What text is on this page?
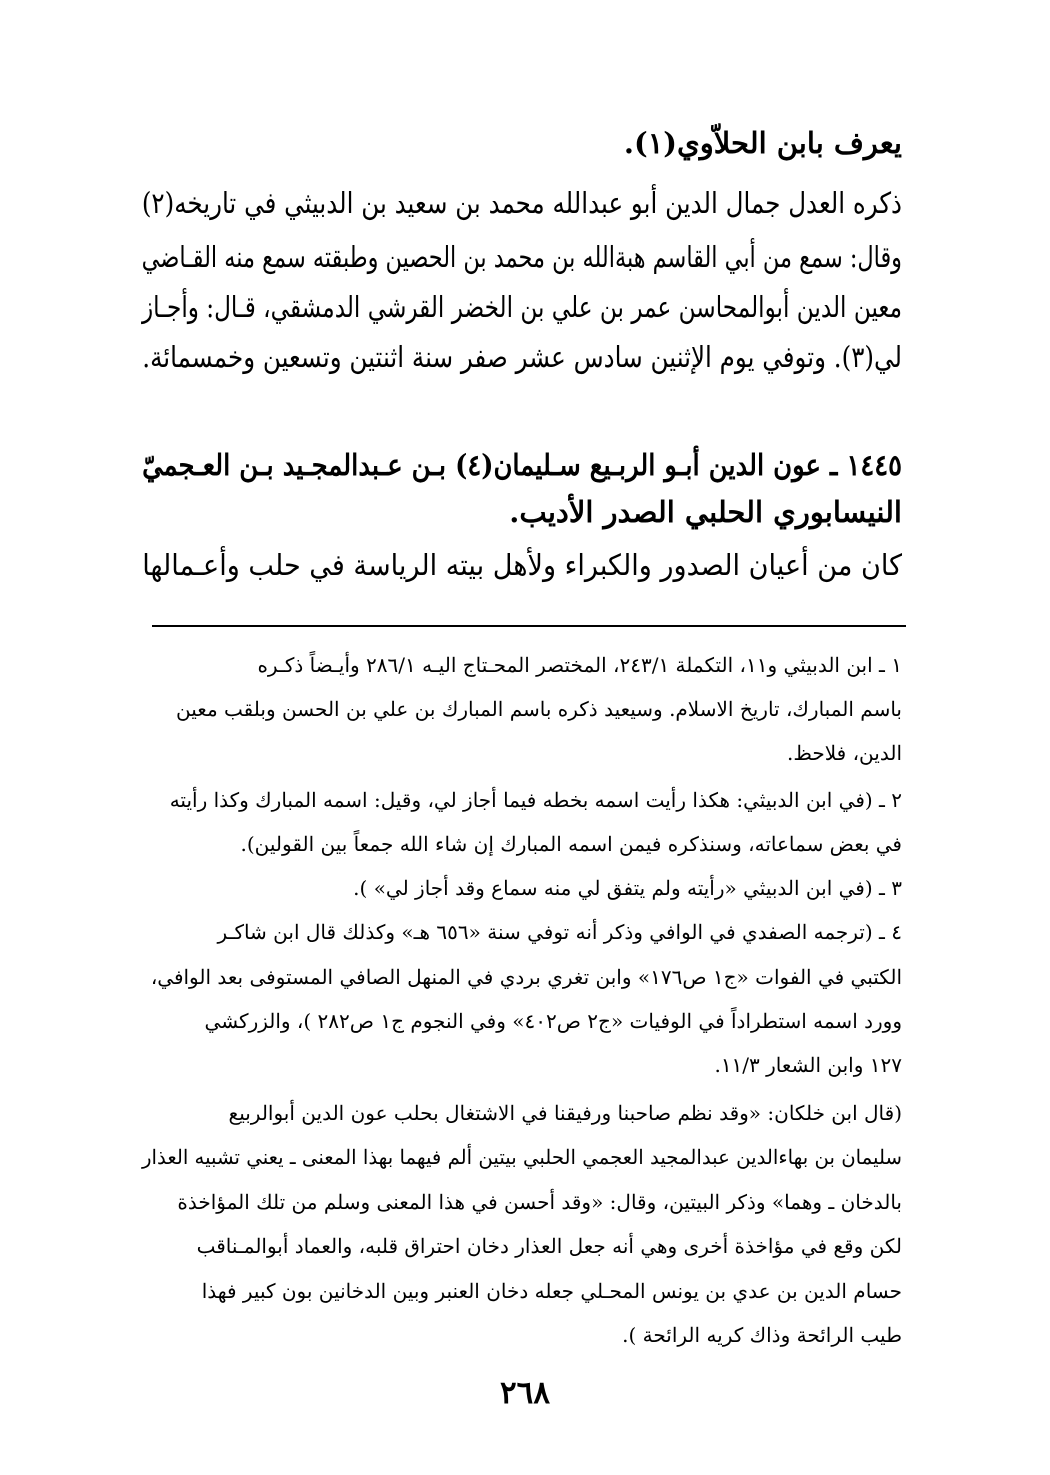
يعرف بابن الحلاّوي(١).
ذكره العدل جمال الدين أبو عبدالله محمد بن سعيد بن الدبيثي في تاريخه(٢)
وقال: سمع من أبي القاسم هبةالله بن محمد بن الحصين وطبقته سمع منه القـاضي
معين الدين أبوالمحاسن عمر بن علي بن الخضر القرشي الدمشقي، قـال: وأجـاز
لي(٣). وتوفي يوم الإثنين سادس عشر صفر سنة اثنتين وتسعين وخمسمائة.
١٤٤٥ ـ عون الدين أبـو الربـيع سـليمان(٤) بـن عـبدالمجـيد بـن العـجميّ
النيسابوري الحلبي الصدر الأديب.
كان من أعيان الصدور والكبراء ولأهل بيته الرياسة في حلب وأعـمالها
١ ـ ابن الدبيثي و١١، التكملة ٢٤٣/١، المختصر المحـتاج اليـه ٢٨٦/١ وأيـضاً ذكـره
باسم المبارك، تاريخ الاسلام. وسيعيد ذكره باسم المبارك بن علي بن الحسن وبلقب معين
الدين، فلاحظ.
٢ ـ (في ابن الدبيثي: هكذا رأيت اسمه بخطه فيما أجاز لي، وقيل: اسمه المبارك وكذا رأيته
في بعض سماعاته، وسنذكره فيمن اسمه المبارك إن شاء الله جمعاً بين القولين).
٣ ـ (في ابن الدبيثي «رأيته ولم يتفق لي منه سماع وقد أجاز لي» ).
٤ ـ (ترجمه الصفدي في الوافي وذكر أنه توفي سنة «٦٥٦ هـ» وكذلك قال ابن شاكـر
الكتبي في الفوات «ج١ ص١٧٦» وابن تغري بردي في المنهل الصافي المستوفى بعد الوافي،
وورد اسمه استطراداً في الوفيات «ج٢ ص٤٠٢» وفي النجوم ج١ ص٢٨٢ )، والزركشي
١٢٧ وابن الشعار ١١/٣.
(قال ابن خلكان: «وقد نظم صاحبنا ورفيقنا في الاشتغال بحلب عون الدين أبوالربيع
سليمان بن بهاءالدين عبدالمجيد العجمي الحلبي بيتين ألم فيهما بهذا المعنى ـ يعني تشبيه العذار
بالدخان ـ وهما» وذكر البيتين، وقال: «وقد أحسن في هذا المعنى وسلم من تلك المؤاخذة
لكن وقع في مؤاخذة أخرى وهي أنه جعل العذار دخان احتراق قلبه، والعماد أبوالمـناقب
حسام الدين بن عدي بن يونس المحـلي جعله دخان العنبر وبين الدخانين بون كبير فهذا
طيب الرائحة وذاك كريه الرائحة ).
٢٦٨
